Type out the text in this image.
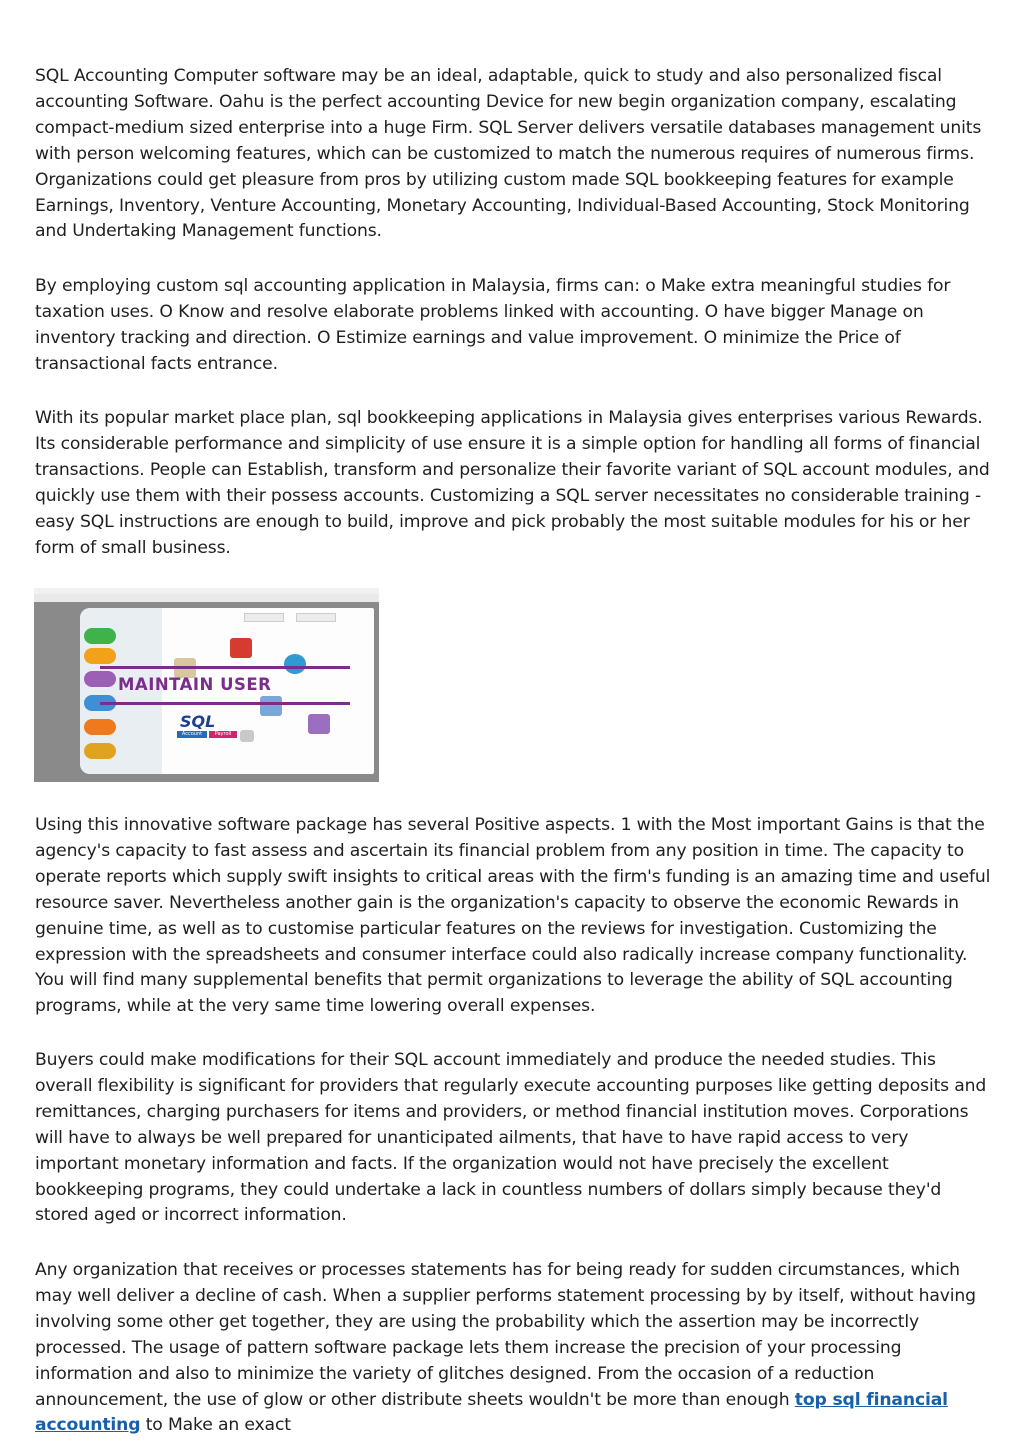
SQL Accounting Computer software may be an ideal, adaptable, quick to study and also personalized fiscal accounting Software. Oahu is the perfect accounting Device for new begin organization company, escalating compact-medium sized enterprise into a huge Firm. SQL Server delivers versatile databases management units with person welcoming features, which can be customized to match the numerous requires of numerous firms. Organizations could get pleasure from pros by utilizing custom made SQL bookkeeping features for example Earnings, Inventory, Venture Accounting, Monetary Accounting, Individual-Based Accounting, Stock Monitoring and Undertaking Management functions.

By employing custom sql accounting application in Malaysia, firms can: o Make extra meaningful studies for taxation uses. O Know and resolve elaborate problems linked with accounting. O have bigger Manage on inventory tracking and direction. O Estimize earnings and value improvement. O minimize the Price of transactional facts entrance.

With its popular market place plan, sql bookkeeping applications in Malaysia gives enterprises various Rewards. Its considerable performance and simplicity of use ensure it is a simple option for handling all forms of financial transactions. People can Establish, transform and personalize their favorite variant of SQL account modules, and quickly use them with their possess accounts. Customizing a SQL server necessitates no considerable training - easy SQL instructions are enough to build, improve and pick probably the most suitable modules for his or her form of small business.

MAINTAIN USER
SQL
Account	Payroll

Using this innovative software package has several Positive aspects. 1 with the Most important Gains is that the agency's capacity to fast assess and ascertain its financial problem from any position in time. The capacity to operate reports which supply swift insights to critical areas with the firm's funding is an amazing time and useful resource saver. Nevertheless another gain is the organization's capacity to observe the economic Rewards in genuine time, as well as to customise particular features on the reviews for investigation. Customizing the expression with the spreadsheets and consumer interface could also radically increase company functionality. You will find many supplemental benefits that permit organizations to leverage the ability of SQL accounting programs, while at the very same time lowering overall expenses.

Buyers could make modifications for their SQL account immediately and produce the needed studies. This overall flexibility is significant for providers that regularly execute accounting purposes like getting deposits and remittances, charging purchasers for items and providers, or method financial institution moves. Corporations will have to always be well prepared for unanticipated ailments, that have to have rapid access to very important monetary information and facts. If the organization would not have precisely the excellent bookkeeping programs, they could undertake a lack in countless numbers of dollars simply because they'd stored aged or incorrect information.

Any organization that receives or processes statements has for being ready for sudden circumstances, which may well deliver a decline of cash. When a supplier performs statement processing by by itself, without having involving some other get together, they are using the probability which the assertion may be incorrectly processed. The usage of pattern software package lets them increase the precision of your processing information and also to minimize the variety of glitches designed. From the occasion of a reduction announcement, the use of glow or other distribute sheets wouldn't be more than enough top sql financial accounting to Make an exact
